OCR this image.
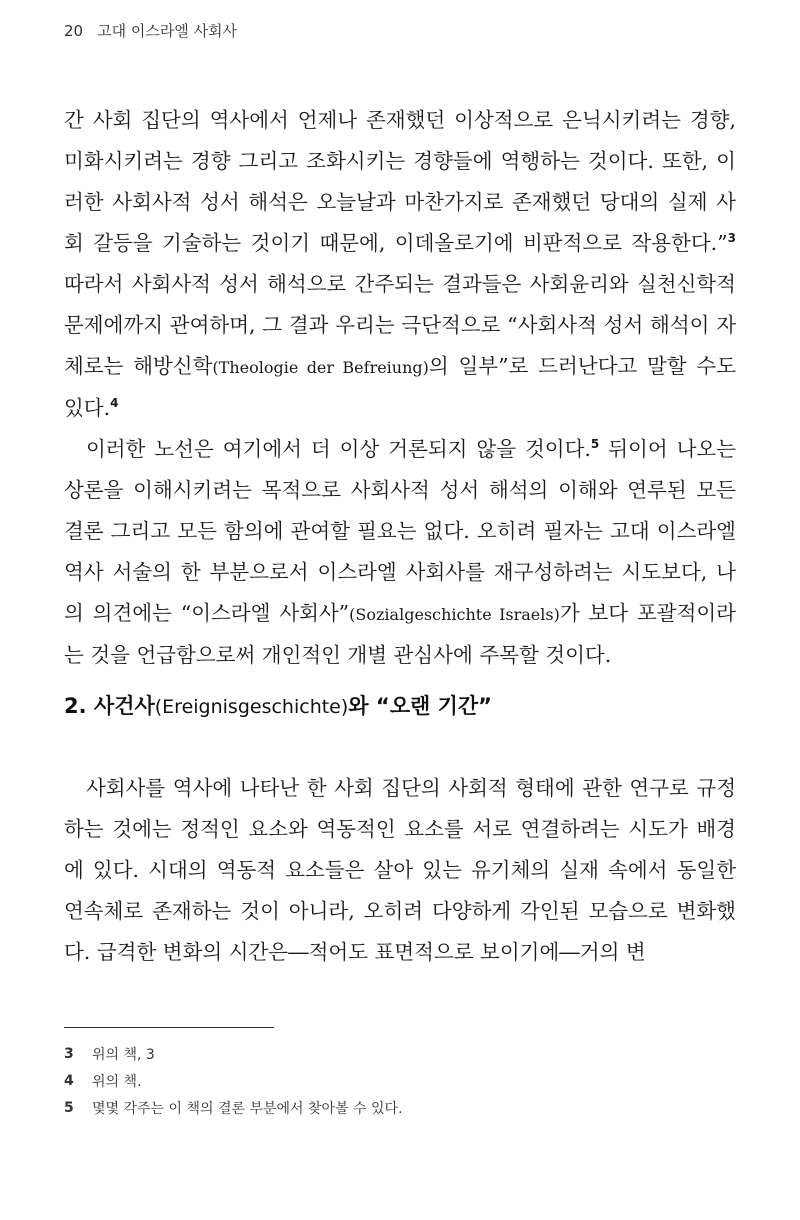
20 고대 이스라엘 사회사

간 사회 집단의 역사에서 언제나 존재했던 이상적으로 은닉시키려는 경향, 미화시키려는 경향 그리고 조화시키는 경향들에 역행하는 것이다. 또한, 이러한 사회사적 성서 해석은 오늘날과 마찬가지로 존재했던 당대의 실제 사회 갈등을 기술하는 것이기 때문에, 이데올로기에 비판적으로 작용한다.”$^3$ 따라서 사회사적 성서 해석으로 간주되는 결과들은 사회윤리와 실천신학적 문제에까지 관여하며, 그 결과 우리는 극단적으로 “사회사적 성서 해석이 자체로는 해방신학(Theologie der Befreiung)의 일부”로 드러난다고 말할 수도 있다.$^4$

이러한 노선은 여기에서 더 이상 거론되지 않을 것이다.$^5$ 뒤이어 나오는 상론을 이해시키려는 목적으로 사회사적 성서 해석의 이해와 연루된 모든 결론 그리고 모든 함의에 관여할 필요는 없다. 오히려 필자는 고대 이스라엘 역사 서술의 한 부분으로서 이스라엘 사회사를 재구성하려는 시도보다, 나의 의견에는 “이스라엘 사회사”(Sozialgeschichte Israels)가 보다 포괄적이라는 것을 언급함으로써 개인적인 개별 관심사에 주목할 것이다.

2. 사건사(Ereignisgeschichte)와 “오랜 기간”

사회사를 역사에 나타난 한 사회 집단의 사회적 형태에 관한 연구로 규정하는 것에는 정적인 요소와 역동적인 요소를 서로 연결하려는 시도가 배경에 있다. 시대의 역동적 요소들은 살아 있는 유기체의 실재 속에서 동일한 연속체로 존재하는 것이 아니라, 오히려 다양하게 각인된 모습으로 변화했다. 급격한 변화의 시간은―적어도 표면적으로 보이기에―거의 변

3 위의 책, 3
4 위의 책.
5 몇몇 각주는 이 책의 결론 부분에서 찾아볼 수 있다.
